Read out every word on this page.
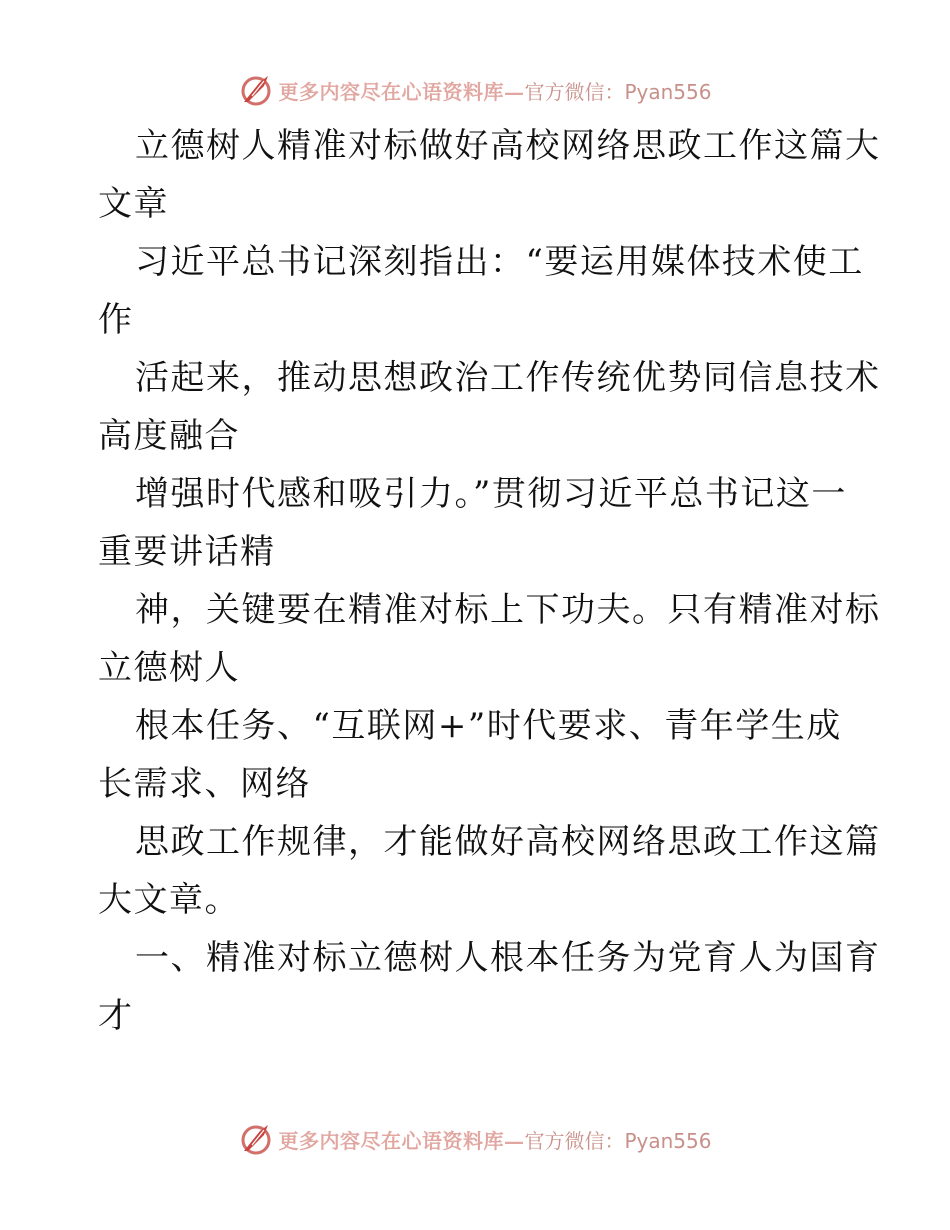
更多内容尽在心语资料库— 官方微信：Pyan556
立德树人精准对标做好高校网络思政工作这篇大
文章
习近平总书记深刻指出：“要运用媒体技术使工
作
活起来，推动思想政治工作传统优势同信息技术
高度融合
增强时代感和吸引力。”贯彻习近平总书记这一
重要讲话精
神，关键要在精准对标上下功夫。只有精准对标
立德树人
根本任务、“互联网+”时代要求、青年学生成
长需求、网络
思政工作规律，才能做好高校网络思政工作这篇
大文章。
一、精准对标立德树人根本任务为党育人为国育
才
更多内容尽在心语资料库— 官方微信：Pyan556
